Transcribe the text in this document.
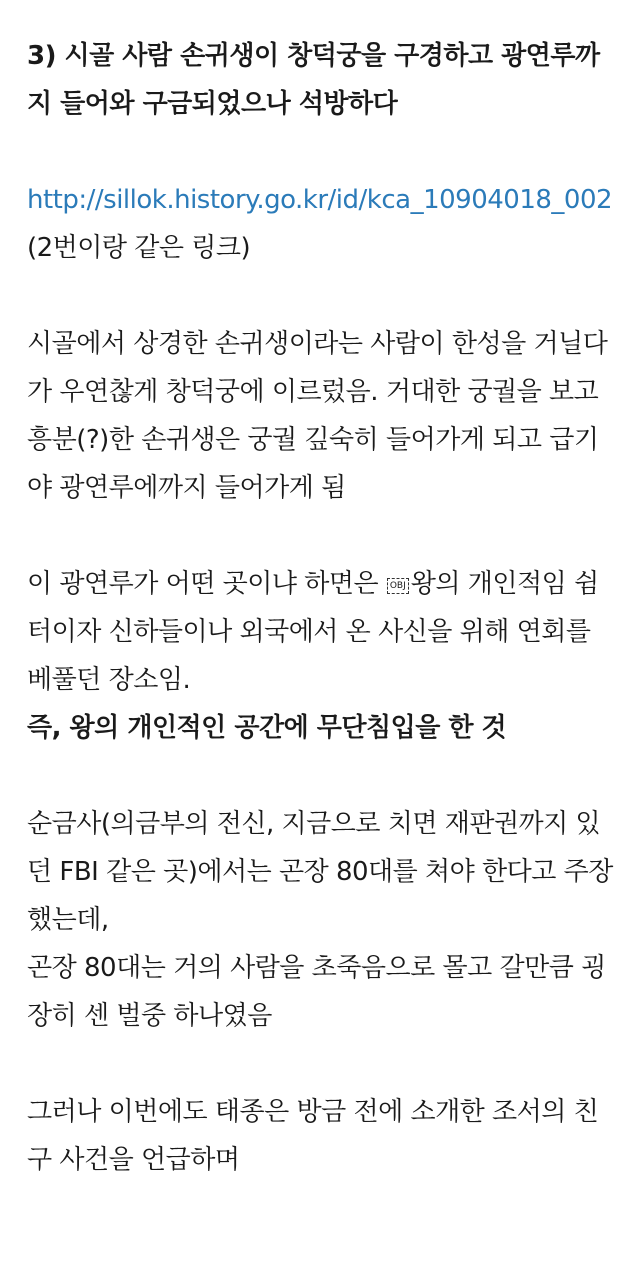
3) 시골 사람 손귀생이 창덕궁을 구경하고 광연루까지 들어와 구금되었으나 석방하다
http://sillok.history.go.kr/id/kca_10904018_002 (2번이랑 같은 링크)
시골에서 상경한 손귀생이라는 사람이 한성을 거닐다가 우연찮게 창덕궁에 이르렀음. 거대한 궁궐을 보고 흥분(?)한 손귀생은 궁궐 깊숙히 들어가게 되고 급기야 광연루에까지 들어가게 됨
이 광연루가 어떤 곳이냐 하면은 OBJ 왕의 개인적임 쉼터이자 신하들이나 외국에서 온 사신을 위해 연회를 베풀던 장소임.
즉, 왕의 개인적인 공간에 무단침입을 한 것
순금사(의금부의 전신, 지금으로 치면 재판권까지 있던 FBI 같은 곳)에서는 곤장 80대를 쳐야 한다고 주장했는데,
곤장 80대는 거의 사람을 초죽음으로 몰고 갈만큼 굉장히 센 벌중 하나였음
그러나 이번에도 태종은 방금 전에 소개한 조서의 친구 사건을 언급하며
